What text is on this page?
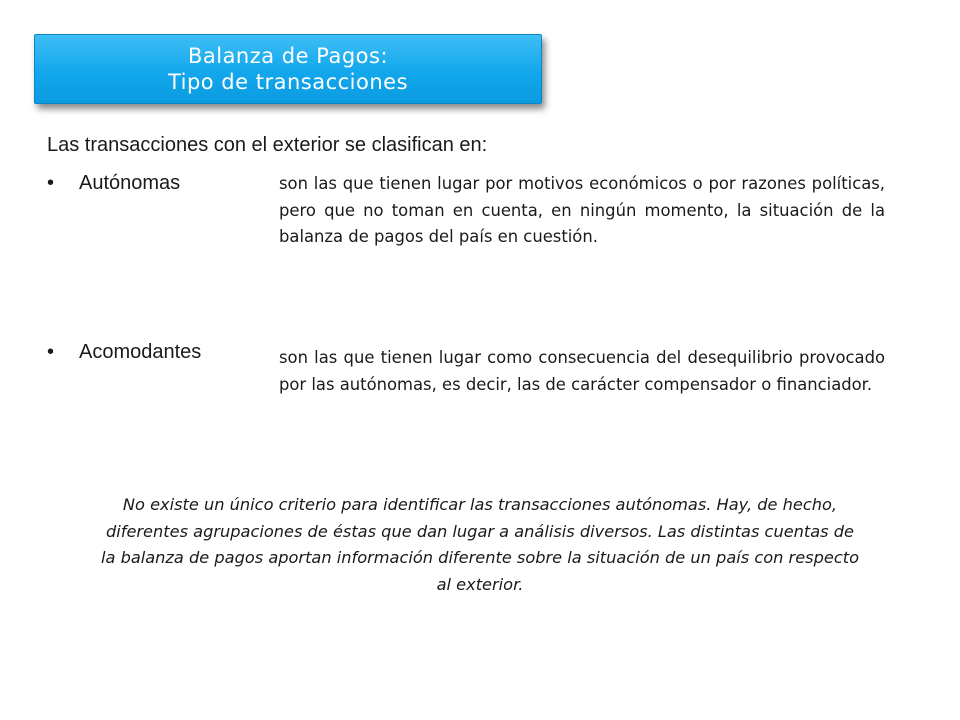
Balanza de Pagos:
Tipo de transacciones
Las transacciones con el exterior se clasifican en:
• Autónomas	son las que tienen lugar por motivos económicos o por razones políticas, pero que no toman en cuenta, en ningún momento, la situación de la balanza de pagos del país en cuestión.
• Acomodantes	son las que tienen lugar como consecuencia del desequilibrio provocado por las autónomas, es decir, las de carácter compensador o financiador.
No existe un único criterio para identificar las transacciones autónomas. Hay, de hecho, diferentes agrupaciones de éstas que dan lugar a análisis diversos. Las distintas cuentas de la balanza de pagos aportan información diferente sobre la situación de un país con respecto al exterior.
